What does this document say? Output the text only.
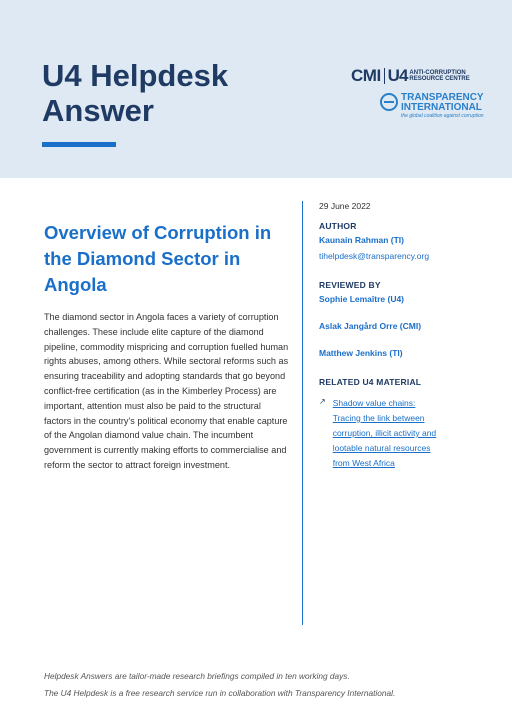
U4 Helpdesk
Answer
CMI U4 ANTI-CORRUPTION
RESOURCE CENTRE
TRANSPARENCY
INTERNATIONAL
the global coalition against corruption
Overview of Corruption in the Diamond Sector in Angola
The diamond sector in Angola faces a variety of corruption challenges. These include elite capture of the diamond pipeline, commodity mispricing and corruption fuelled human rights abuses, among others. While sectoral reforms such as ensuring traceability and adopting standards that go beyond conflict-free certification (as in the Kimberley Process) are important, attention must also be paid to the structural factors in the country’s political economy that enable capture of the Angolan diamond value chain. The incumbent government is currently making efforts to commercialise and reform the sector to attract foreign investment.
29 June 2022
AUTHOR
Kaunain Rahman (TI)
tihelpdesk@transparency.org
REVIEWED BY
Sophie Lemaître (U4)
Aslak Jangård Orre (CMI)
Matthew Jenkins (TI)
RELATED U4 MATERIAL
↗ Shadow value chains: Tracing the link between corruption, illicit activity and lootable natural resources from West Africa
Helpdesk Answers are tailor-made research briefings compiled in ten working days.
The U4 Helpdesk is a free research service run in collaboration with Transparency International.
